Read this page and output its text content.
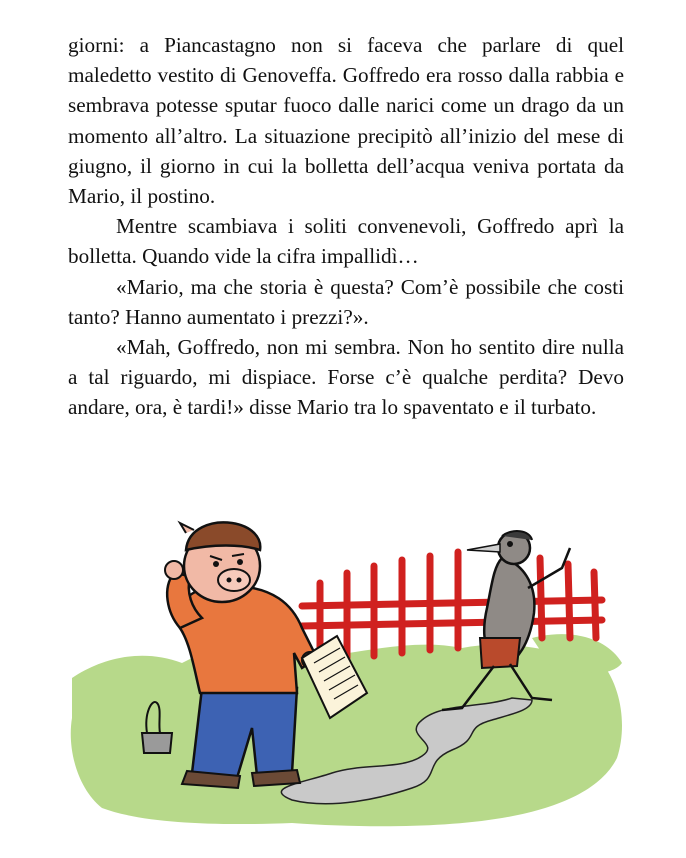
giorni: a Piancastagno non si faceva che parlare di quel maledetto vestito di Genoveffa. Goffredo era rosso dalla rabbia e sembrava potesse sputar fuoco dalle narici come un drago da un momento all’altro. La situazione precipitò all’inizio del mese di giugno, il giorno in cui la bolletta dell’acqua veniva portata da Mario, il postino.

Mentre scambiava i soliti convenevoli, Goffredo aprì la bolletta. Quando vide la cifra impallidì…

«Mario, ma che storia è questa? Com’è possibile che costi tanto? Hanno aumentato i prezzi?».

«Mah, Goffredo, non mi sembra. Non ho sentito dire nulla a tal riguardo, mi dispiace. Forse c’è qualche perdita? Devo andare, ora, è tardi!» disse Mario tra lo spaventato e il turbato.
